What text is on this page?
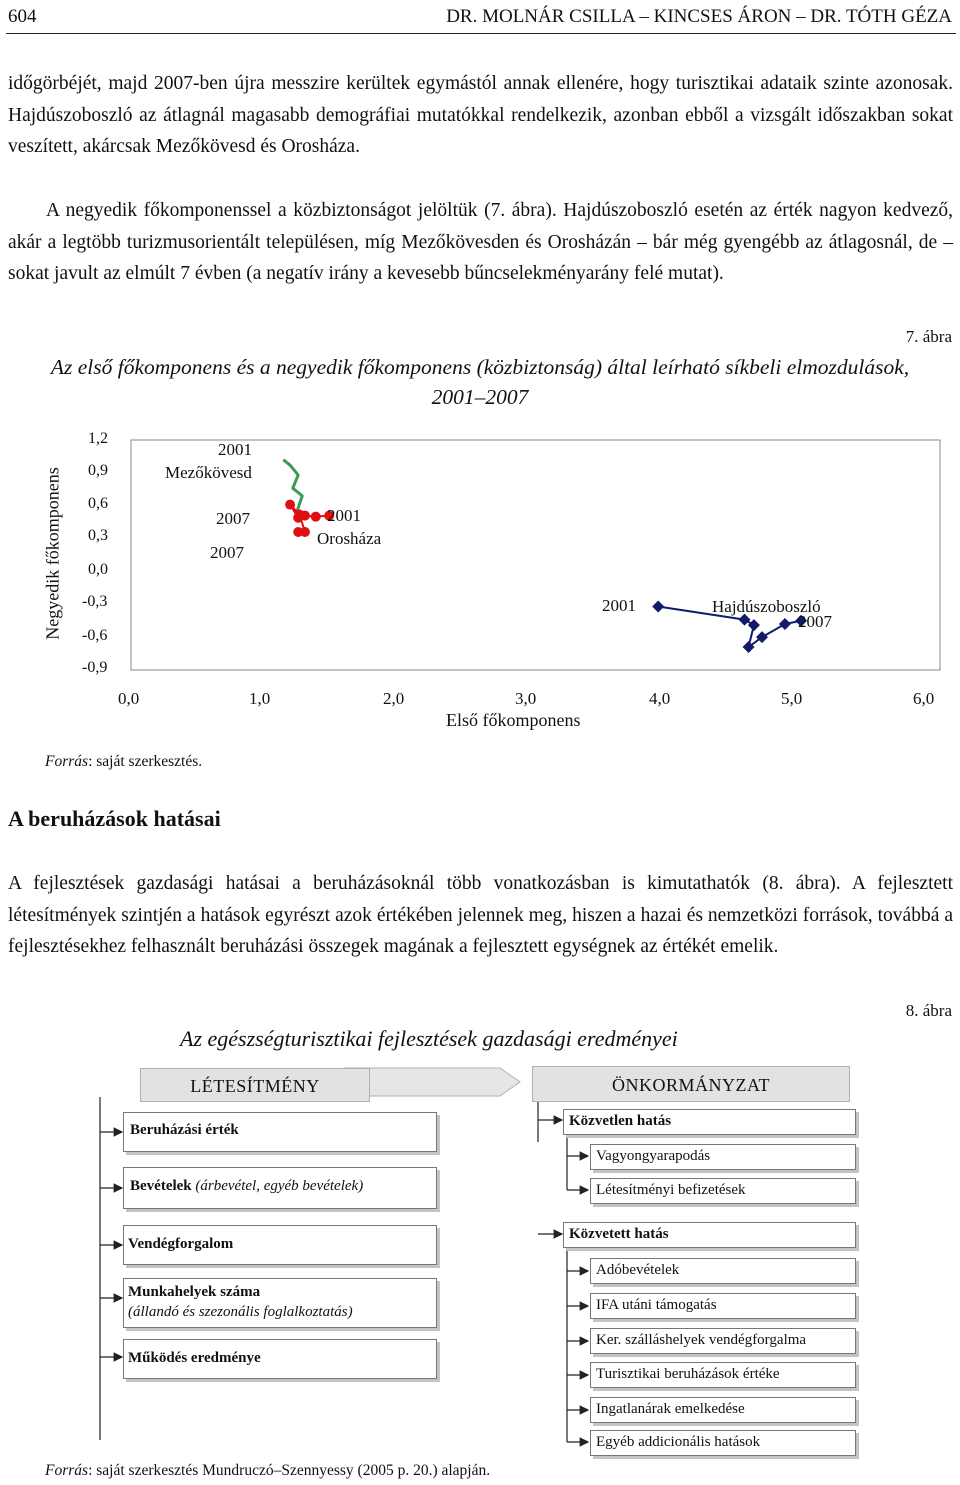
604	DR. MOLNÁR CSILLA – KINCSES ÁRON – DR. TÓTH GÉZA

időgörbéjét, majd 2007-ben újra messzire kerültek egymástól annak ellenére, hogy turisztikai adataik szinte azonosak. Hajdúszoboszló az átlagnál magasabb demográfiai mutatókkal rendelkezik, azonban ebből a vizsgált időszakban sokat veszített, akárcsak Mezőkövesd és Orosháza.

A negyedik főkomponenssel a közbiztonságot jelöltük (7. ábra). Hajdúszoboszló esetén az érték nagyon kedvező, akár a legtöbb turizmusorientált településen, míg Mezőkövesden és Orosházán – bár még gyengébb az átlagosnál, de – sokat javult az elmúlt 7 évben (a negatív irány a kevesebb bűncselekményarány felé mutat).

7. ábra
Az első főkomponens és a negyedik főkomponens (közbiztonság) által leírható síkbeli elmozdulások, 2001–2007
Negyedik főkomponens
1,2
0,9
0,6
0,3
0,0
-0,3
-0,6
-0,9
2001
Mezőkövesd
2001
Orosháza
2007
2007
2001	Hajdúszoboszló
2007
0,0	1,0	2,0	3,0	4,0	5,0	6,0
Első főkomponens
Forrás: saját szerkesztés.
A beruházások hatásai

A fejlesztések gazdasági hatásai a beruházásoknál több vonatkozásban is kimutathatók (8. ábra). A fejlesztett létesítmények szintjén a hatások egyrészt azok értékében jelennek meg, hiszen a hazai és nemzetközi források, továbbá a fejlesztésekhez felhasznált beruházási összegek magának a fejlesztett egységnek az értékét emelik.

8. ábra
Az egészségturisztikai fejlesztések gazdasági eredményei
LÉTESÍTMÉNY	ÖNKORMÁNYZAT
Beruházási érték
Bevételek (árbevétel, egyéb bevételek)
Vendégforgalom
Munkahelyek száma
(állandó és szezonális foglalkoztatás)
Működés eredménye
Közvetlen hatás
Vagyongyarapodás
Létesítményi befizetések
Közvetett hatás
Adóbevételek
IFA utáni támogatás
Ker. szálláshelyek vendégforgalma
Turisztikai beruházások értéke
Ingatlanárak emelkedése
Egyéb addicionális hatások
Forrás: saját szerkesztés Mundruczó–Szennyessy (2005 p. 20.) alapján.
